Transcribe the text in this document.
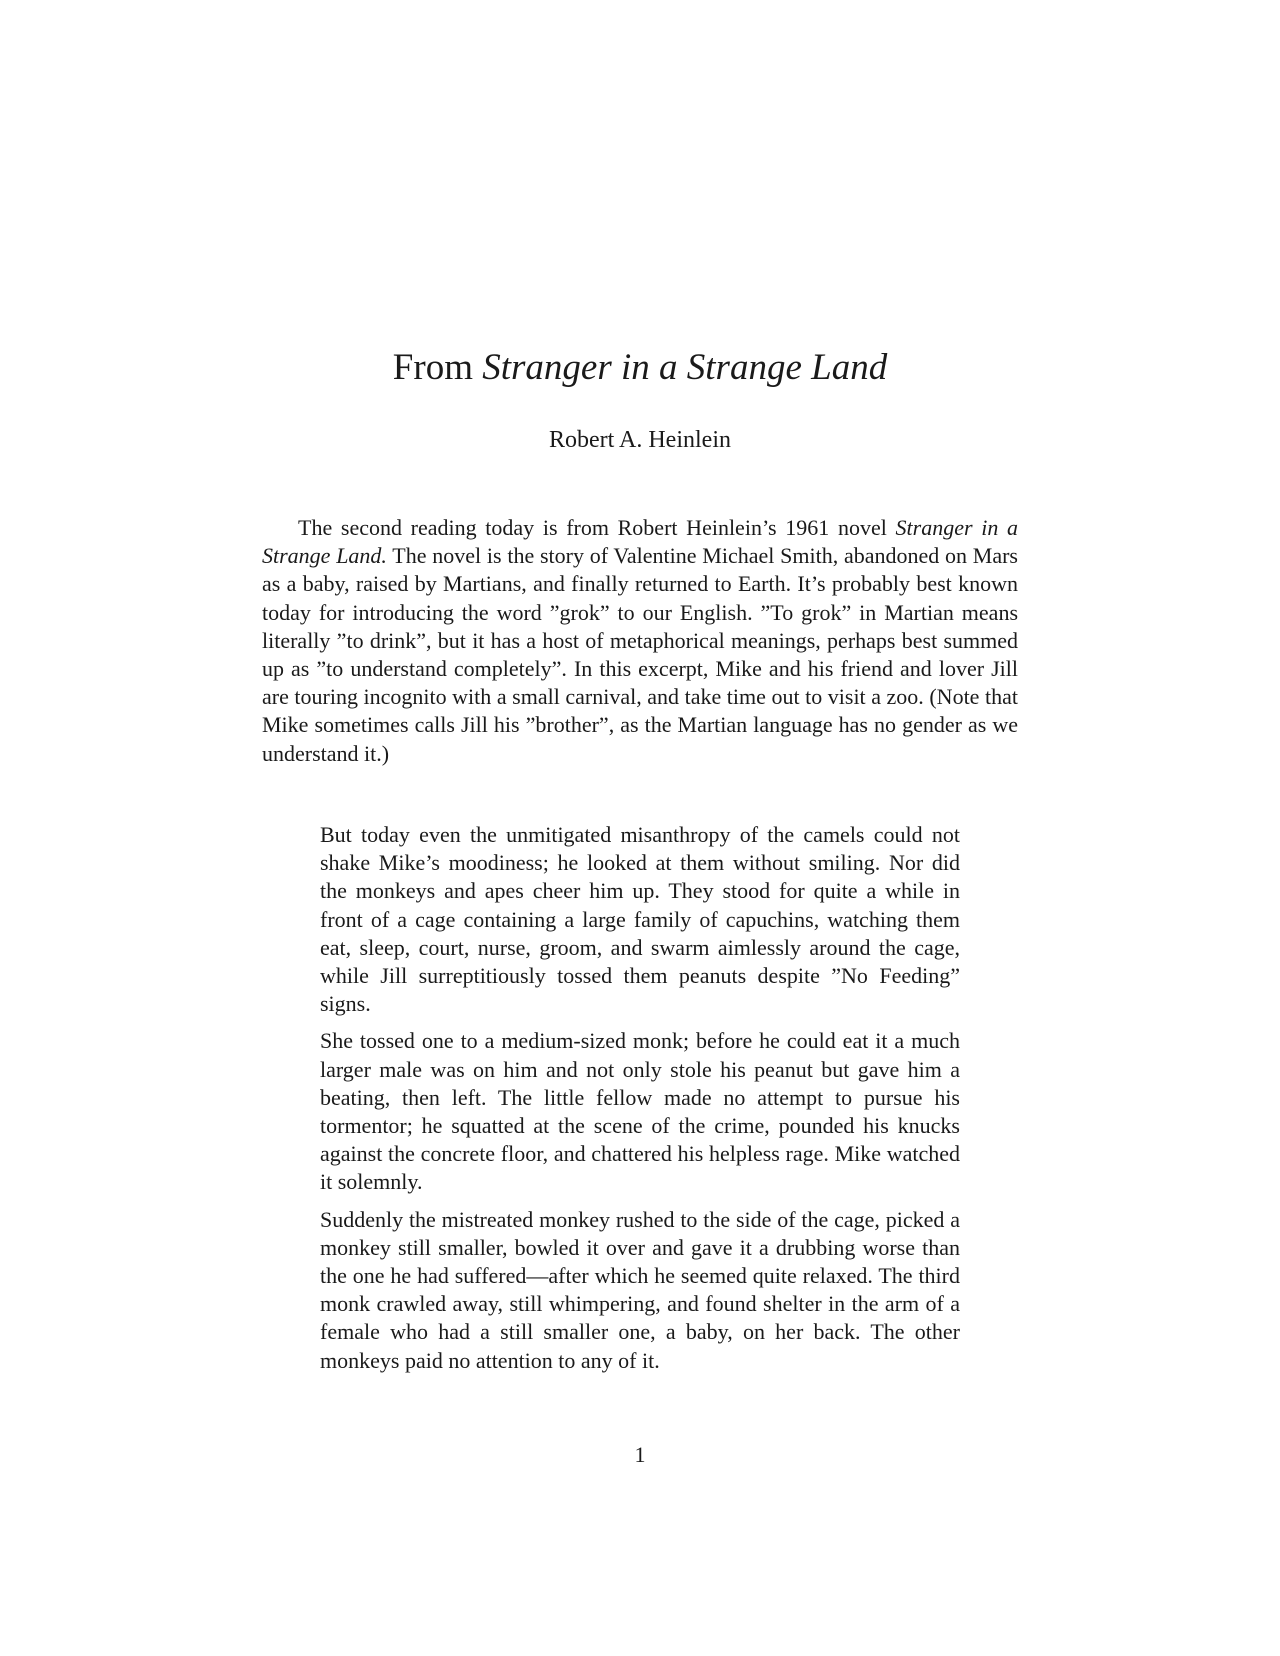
From Stranger in a Strange Land
Robert A. Heinlein

The second reading today is from Robert Heinlein’s 1961 novel Stranger in a Strange Land. The novel is the story of Valentine Michael Smith, abandoned on Mars as a baby, raised by Martians, and finally returned to Earth. It’s probably best known today for introducing the word ”grok” to our English. ”To grok” in Martian means literally ”to drink”, but it has a host of metaphorical meanings, perhaps best summed up as ”to understand completely”. In this excerpt, Mike and his friend and lover Jill are touring incognito with a small carnival, and take time out to visit a zoo. (Note that Mike sometimes calls Jill his ”brother”, as the Martian language has no gender as we understand it.)

But today even the unmitigated misanthropy of the camels could not shake Mike’s moodiness; he looked at them without smiling. Nor did the monkeys and apes cheer him up. They stood for quite a while in front of a cage containing a large family of capuchins, watching them eat, sleep, court, nurse, groom, and swarm aimlessly around the cage, while Jill surreptitiously tossed them peanuts despite ”No Feeding” signs.

She tossed one to a medium-sized monk; before he could eat it a much larger male was on him and not only stole his peanut but gave him a beating, then left. The little fellow made no attempt to pursue his tormentor; he squatted at the scene of the crime, pounded his knucks against the concrete floor, and chattered his helpless rage. Mike watched it solemnly.

Suddenly the mistreated monkey rushed to the side of the cage, picked a monkey still smaller, bowled it over and gave it a drubbing worse than the one he had suffered—after which he seemed quite relaxed. The third monk crawled away, still whimpering, and found shelter in the arm of a female who had a still smaller one, a baby, on her back. The other monkeys paid no attention to any of it.

1
